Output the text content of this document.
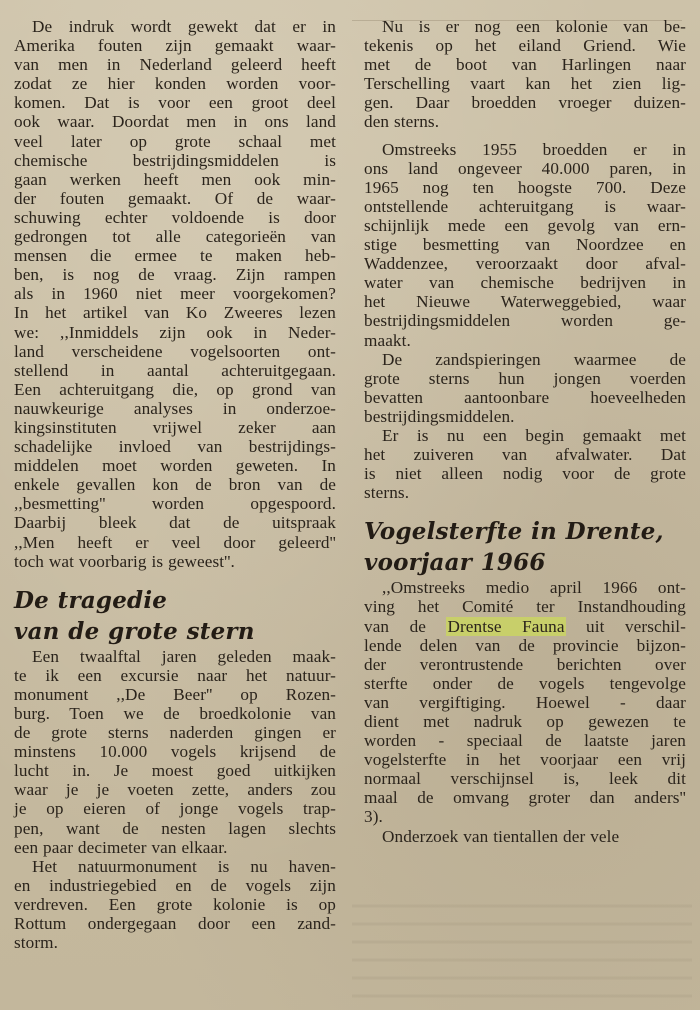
De indruk wordt gewekt dat er in
Amerika fouten zijn gemaakt waar-
van men in Nederland geleerd heeft
zodat ze hier konden worden voor-
komen. Dat is voor een groot deel
ook waar. Doordat men in ons land
veel later op grote schaal met
chemische bestrijdingsmiddelen is
gaan werken heeft men ook min-
der fouten gemaakt. Of de waar-
schuwing echter voldoende is door
gedrongen tot alle categorieën van
mensen die ermee te maken heb-
ben, is nog de vraag. Zijn rampen
als in 1960 niet meer voorgekomen?
In het artikel van Ko Zweeres lezen
we: ,,Inmiddels zijn ook in Neder-
land verscheidene vogelsoorten ont-
stellend in aantal achteruitgegaan.
Een achteruitgang die, op grond van
nauwkeurige analyses in onderzoe-
kingsinstituten vrijwel zeker aan
schadelijke invloed van bestrijdings-
middelen moet worden geweten. In
enkele gevallen kon de bron van de
,,besmetting'' worden opgespoord.
Daarbij bleek dat de uitspraak
,,Men heeft er veel door geleerd''
toch wat voorbarig is geweest''.

De tragedie
van de grote stern

Een twaalftal jaren geleden maak-
te ik een excursie naar het natuur-
monument ,,De Beer'' op Rozen-
burg. Toen we de broedkolonie van
de grote sterns naderden gingen er
minstens 10.000 vogels krijsend de
lucht in. Je moest goed uitkijken
waar je je voeten zette, anders zou
je op eieren of jonge vogels trap-
pen, want de nesten lagen slechts
een paar decimeter van elkaar.

Het natuurmonument is nu haven-
en industriegebied en de vogels zijn
verdreven. Een grote kolonie is op
Rottum ondergegaan door een zand-
storm.

Nu is er nog een kolonie van be-
tekenis op het eiland Griend. Wie
met de boot van Harlingen naar
Terschelling vaart kan het zien lig-
gen. Daar broedden vroeger duizen-
den sterns.

Omstreeks 1955 broedden er in
ons land ongeveer 40.000 paren, in
1965 nog ten hoogste 700. Deze
ontstellende achteruitgang is waar-
schijnlijk mede een gevolg van ern-
stige besmetting van Noordzee en
Waddenzee, veroorzaakt door afval-
water van chemische bedrijven in
het Nieuwe Waterweggebied, waar
bestrijdingsmiddelen worden ge-
maakt.

De zandspieringen waarmee de
grote sterns hun jongen voerden
bevatten aantoonbare hoeveelheden
bestrijdingsmiddelen.

Er is nu een begin gemaakt met
het zuiveren van afvalwater. Dat
is niet alleen nodig voor de grote
sterns.

Vogelsterfte in Drente,
voorjaar 1966

,,Omstreeks medio april 1966 ont-
ving het Comité ter Instandhouding
van de Drentse Fauna uit verschil-
lende delen van de provincie bijzon-
der verontrustende berichten over
sterfte onder de vogels tengevolge
van vergiftiging. Hoewel - daar
dient met nadruk op gewezen te
worden - speciaal de laatste jaren
vogelsterfte in het voorjaar een vrij
normaal verschijnsel is, leek dit
maal de omvang groter dan anders''
3).

Onderzoek van tientallen der vele
